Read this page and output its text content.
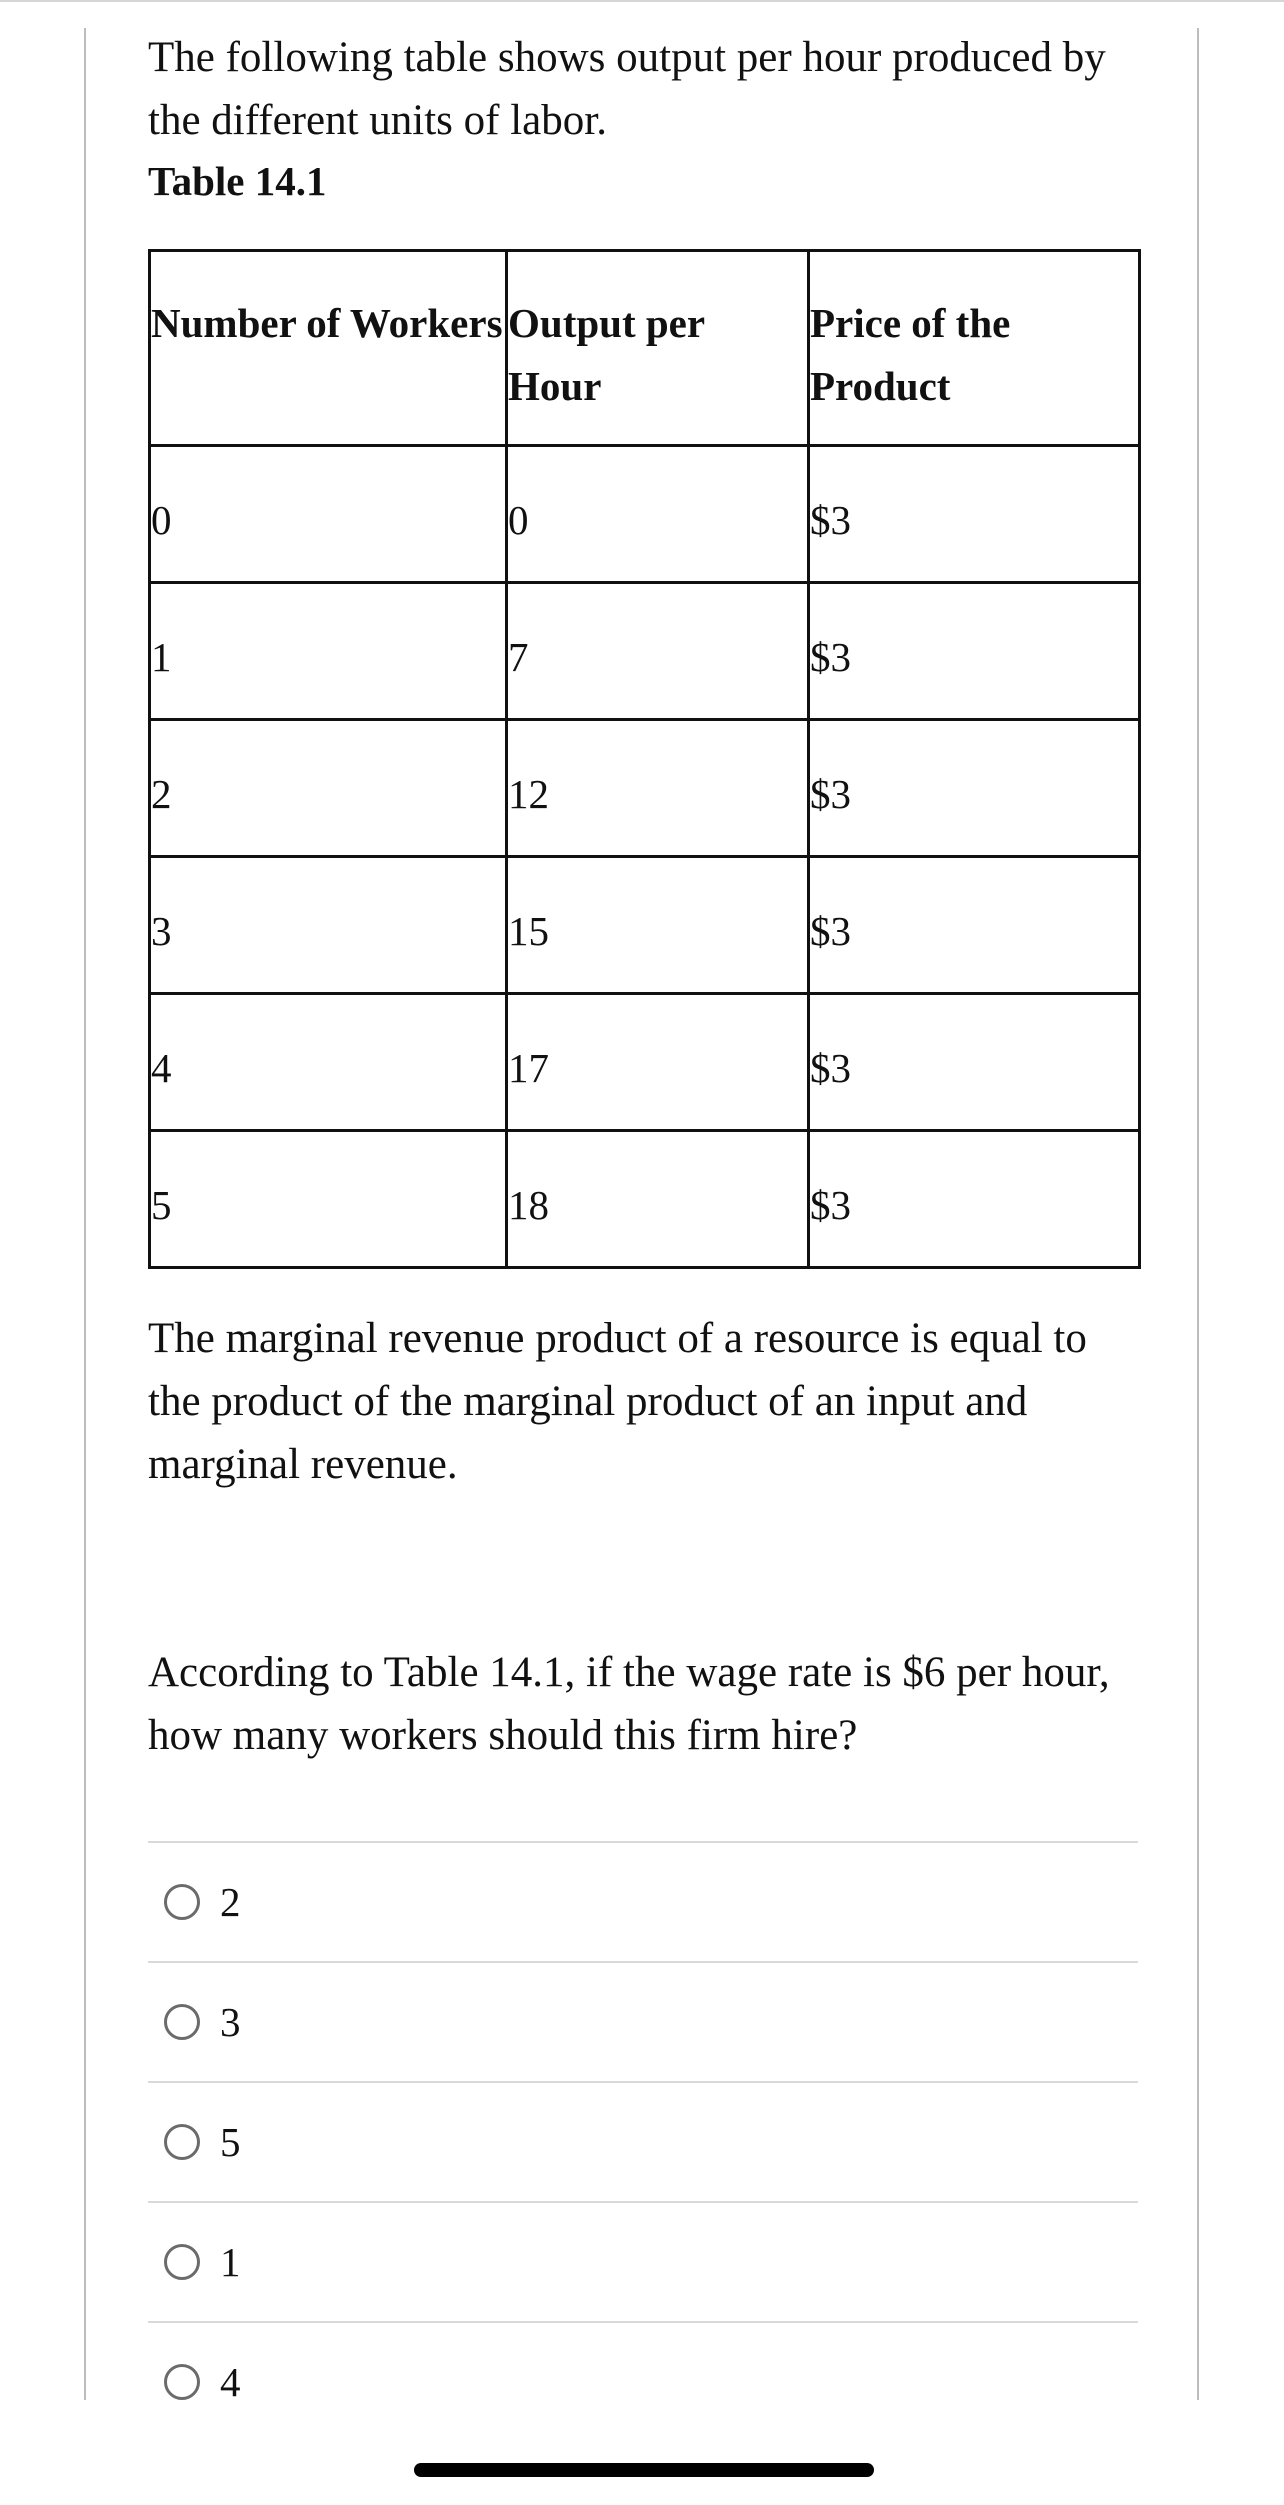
The following table shows output per hour produced by the different units of labor.

Table 14.1

Number of Workers	Output per Hour	Price of the Product
0	0	$3
1	7	$3
2	12	$3
3	15	$3
4	17	$3
5	18	$3

The marginal revenue product of a resource is equal to the product of the marginal product of an input and marginal revenue.

According to Table 14.1, if the wage rate is $6 per hour, how many workers should this firm hire?

2
3
5
1
4
